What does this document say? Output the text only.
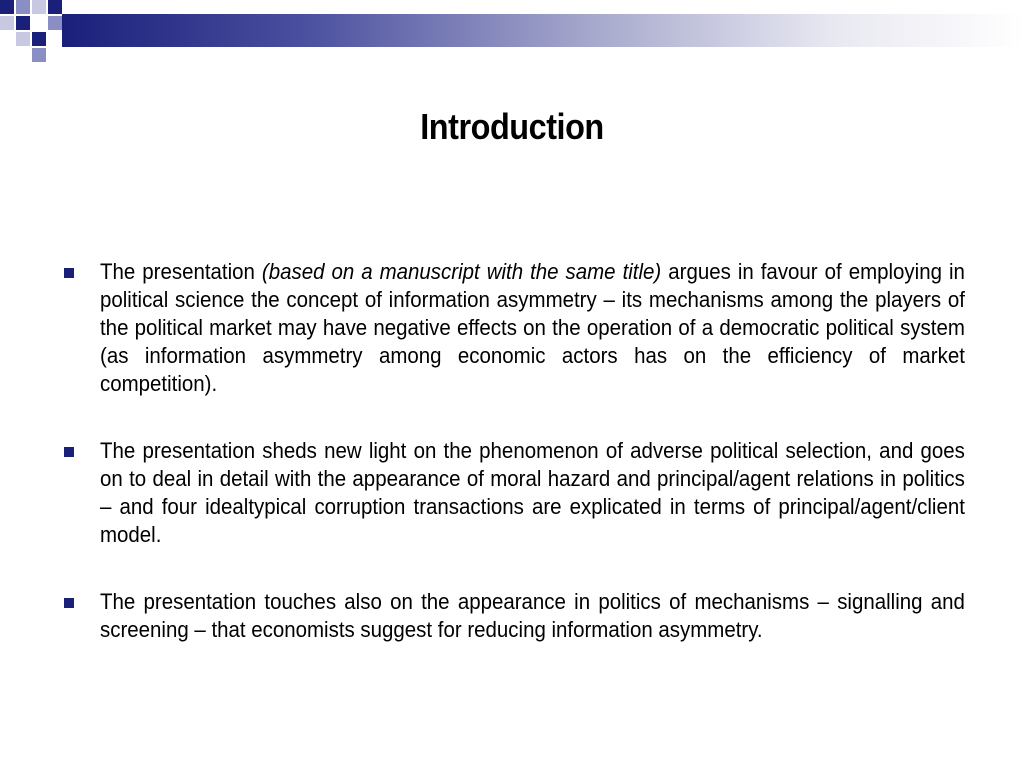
Introduction
The presentation (based on a manuscript with the same title) argues in favour of employing in political science the concept of information asymmetry – its mechanisms among the players of the political market may have negative effects on the operation of a democratic political system (as information asymmetry among economic actors has on the efficiency of market competition).
The presentation sheds new light on the phenomenon of adverse political selection, and goes on to deal in detail with the appearance of moral hazard and principal/agent relations in politics – and four idealtypical corruption transactions are explicated in terms of principal/agent/client model.
The presentation touches also on the appearance in politics of mechanisms – signalling and screening – that economists suggest for reducing information asymmetry.
